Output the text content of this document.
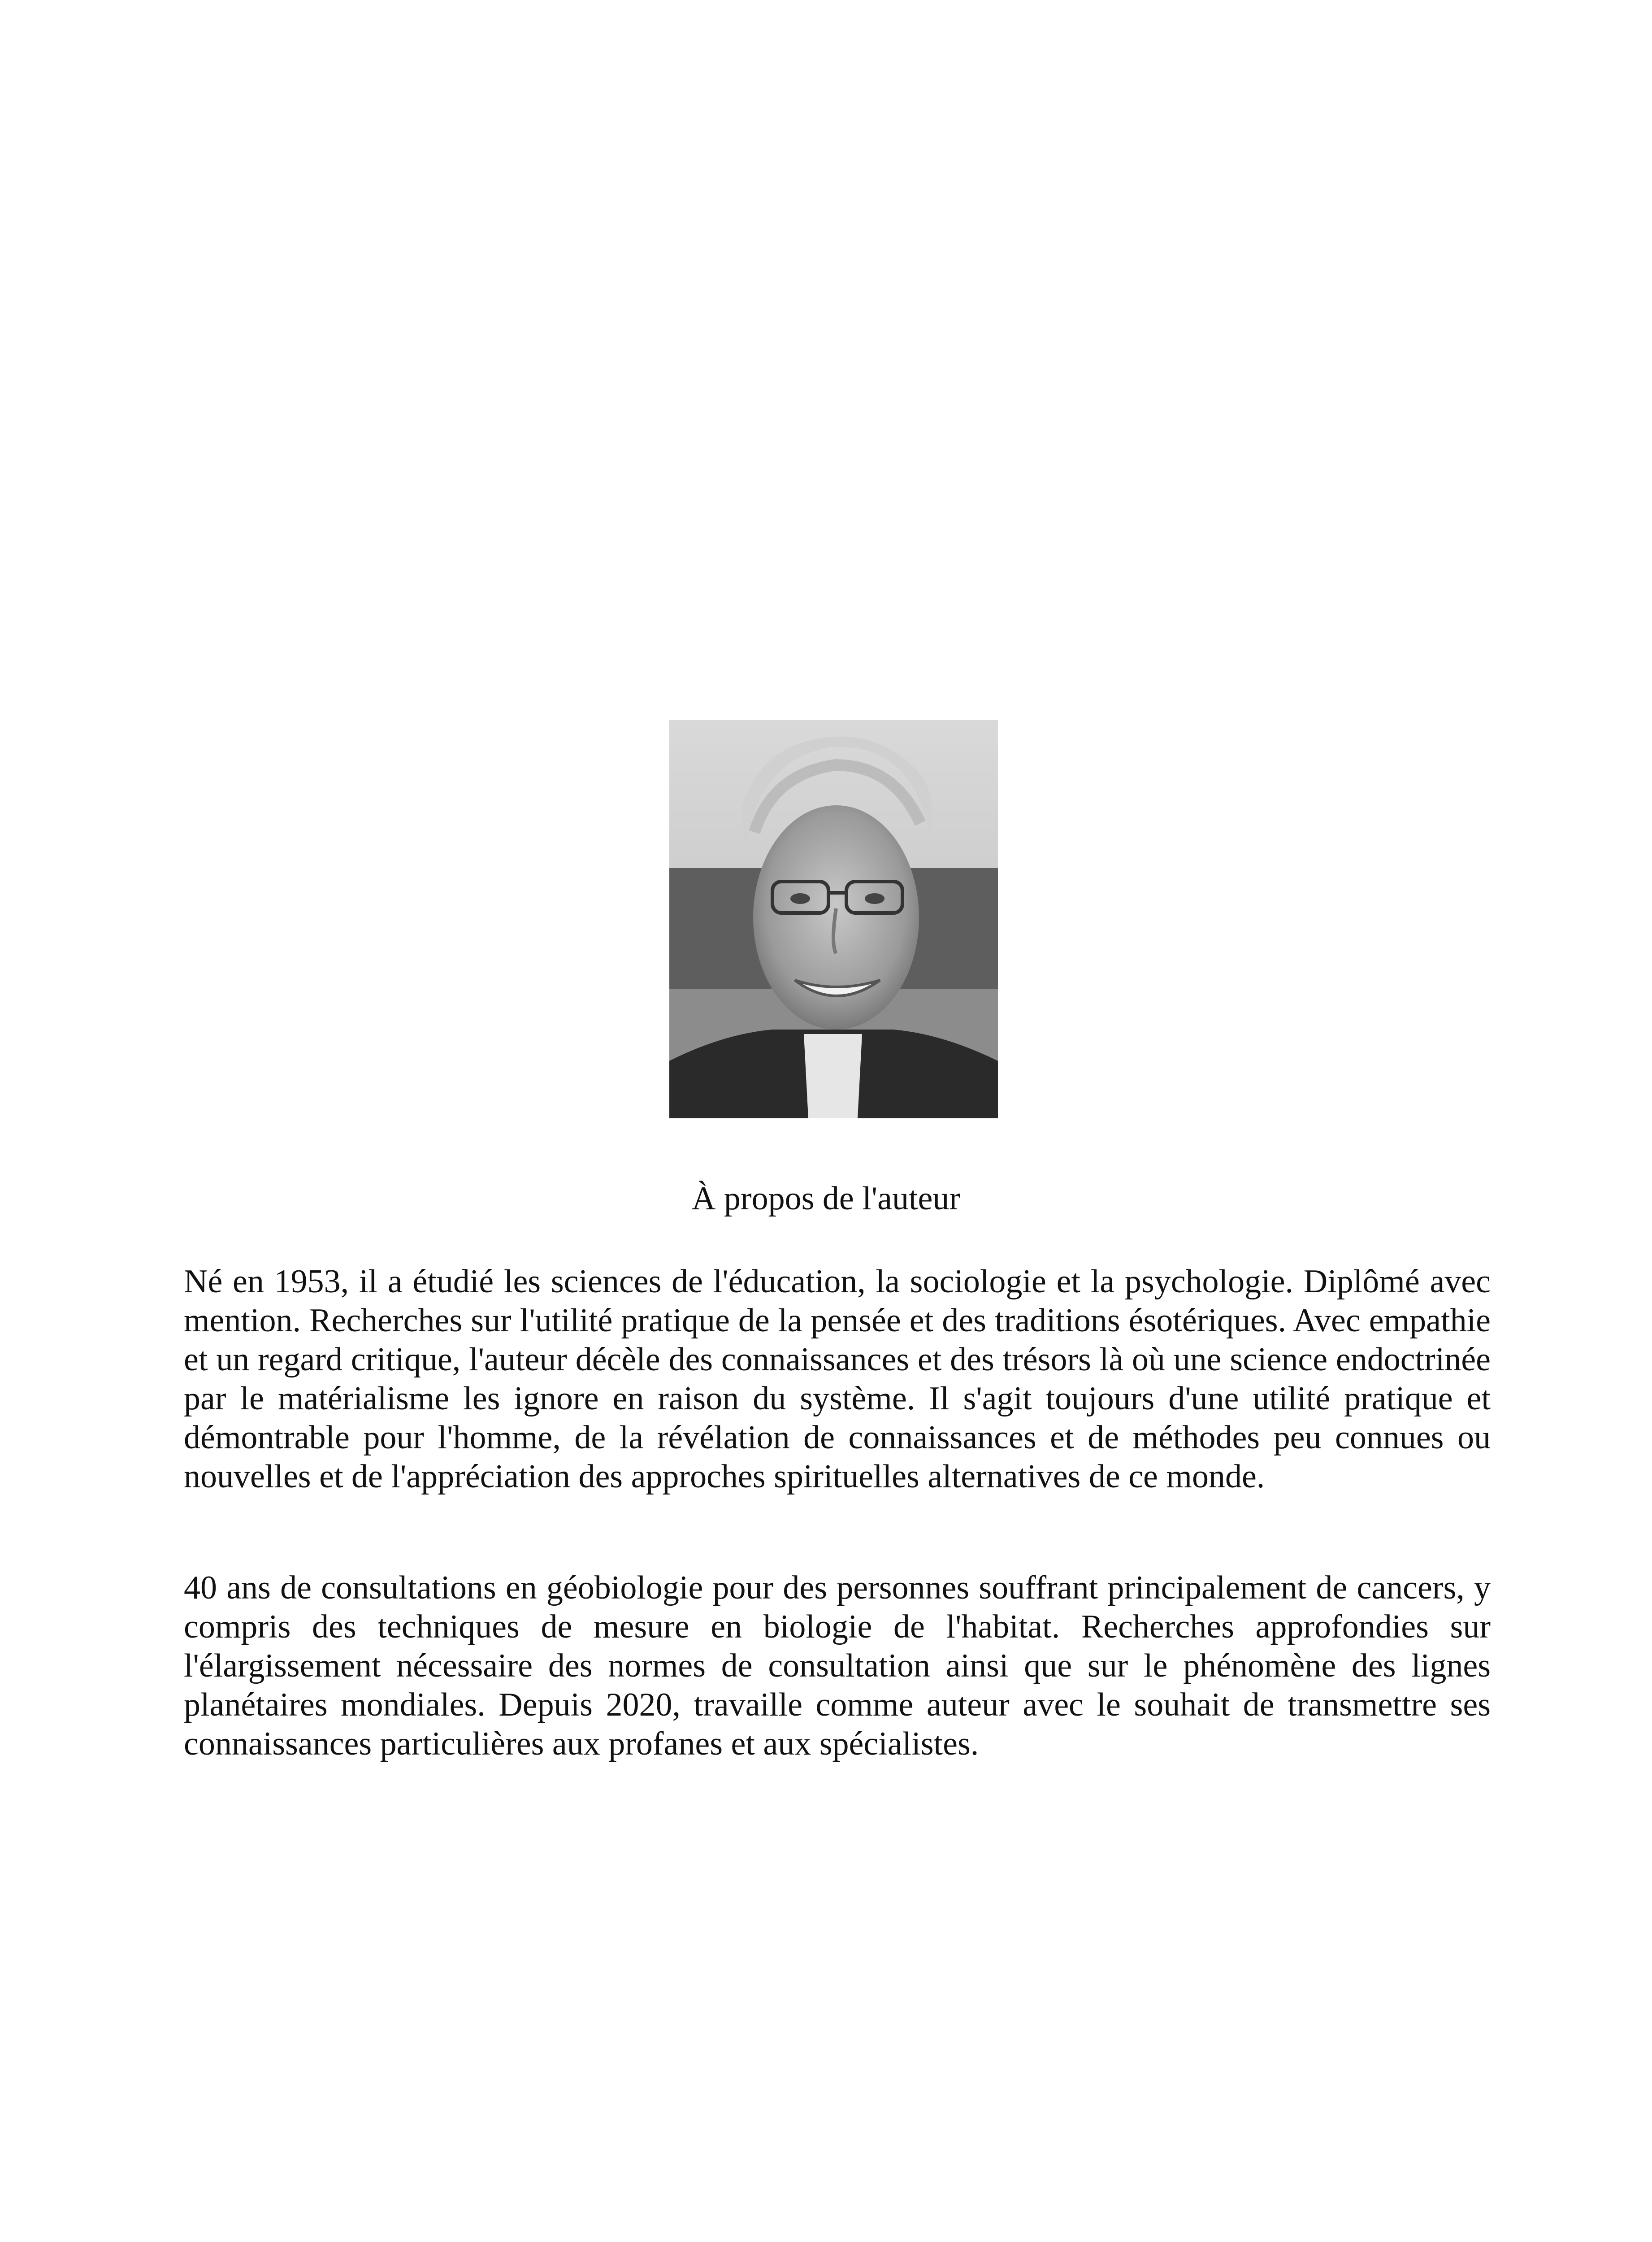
À propos de l'auteur

Né en 1953, il a étudié les sciences de l'éducation, la sociologie et la psychologie. Diplômé avec mention. Recherches sur l'utilité pratique de la pensée et des traditions ésotériques. Avec empathie et un regard critique, l'auteur décèle des connaissances et des trésors là où une science endoctrinée par le matérialisme les ignore en raison du système. Il s'agit toujours d'une utilité pratique et démontrable pour l'homme, de la révélation de connaissances et de méthodes peu connues ou nouvelles et de l'appréciation des approches spirituelles alternatives de ce monde.

40 ans de consultations en géobiologie pour des personnes souffrant principalement de cancers, y compris des techniques de mesure en biologie de l'habitat. Recherches approfondies sur l'élargissement nécessaire des normes de consultation ainsi que sur le phénomène des lignes planétaires mondiales. Depuis 2020, travaille comme auteur avec le souhait de transmettre ses connaissances particulières aux profanes et aux spécialistes.
